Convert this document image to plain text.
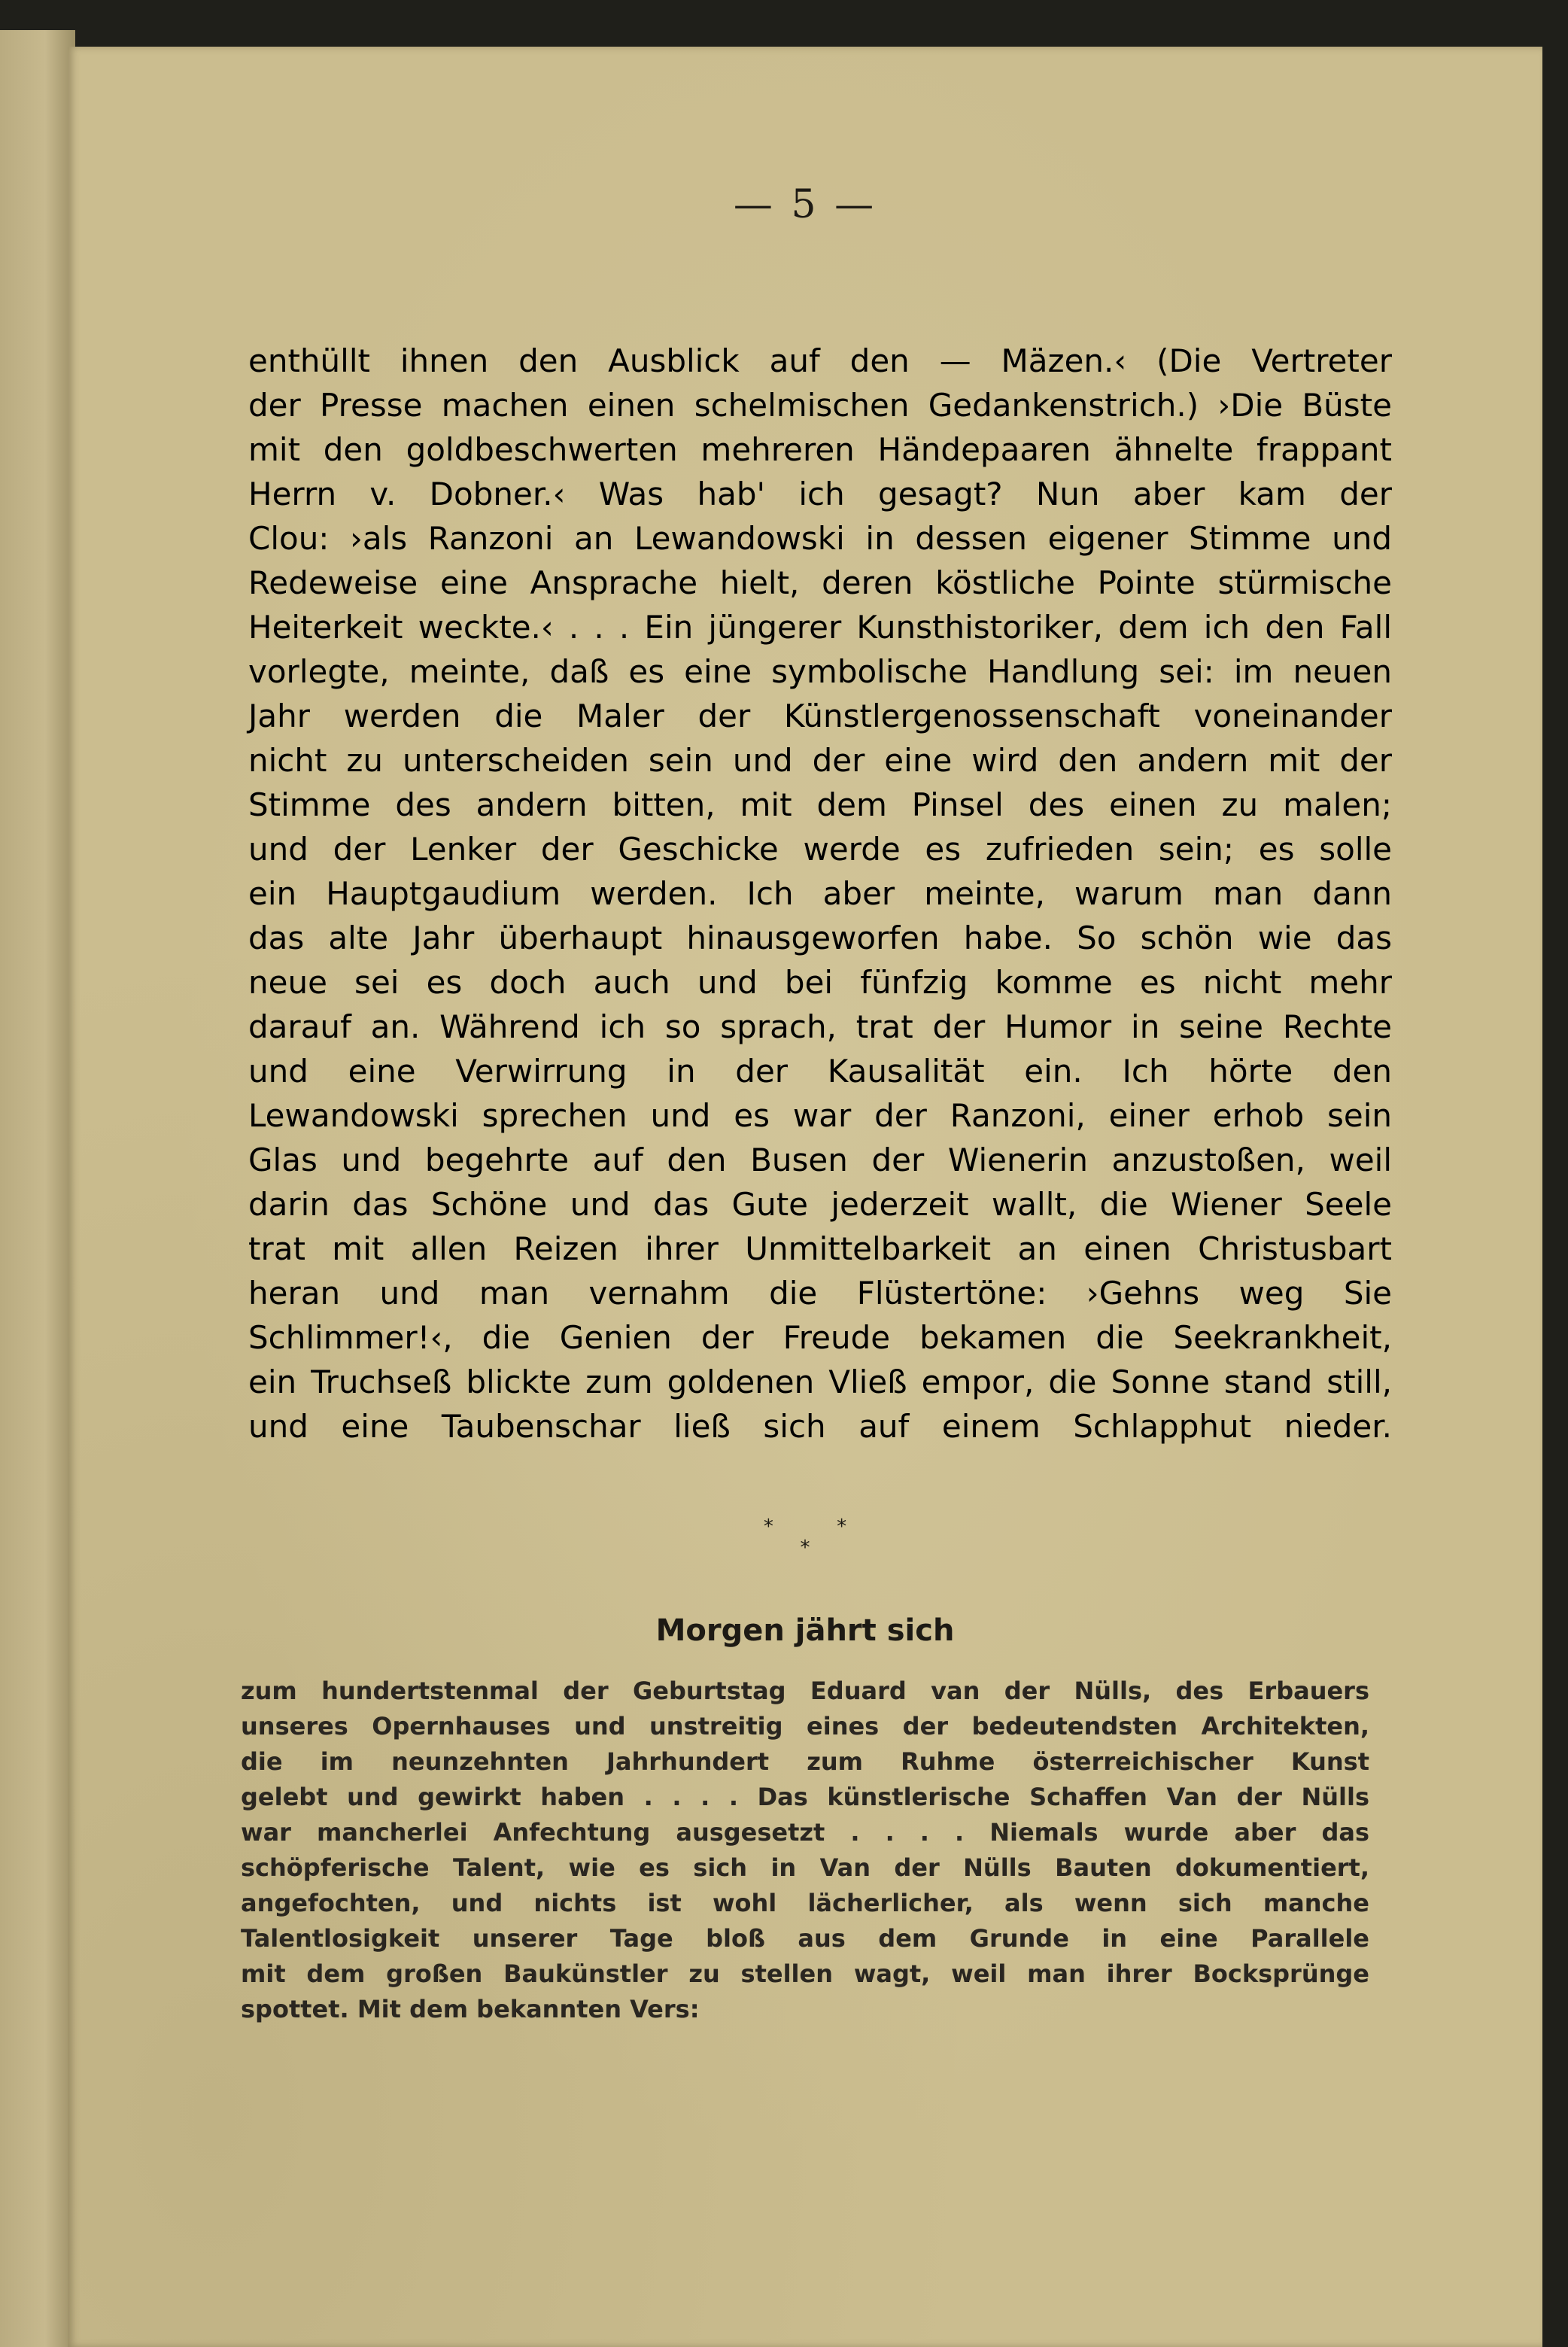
— 5 —
enthüllt ihnen den Ausblick auf den — Mäzen.‹ (Die Vertreter
der Presse machen einen schelmischen Gedankenstrich.) ›Die Büste
mit den goldbeschwerten mehreren Händepaaren ähnelte frappant
Herrn v. Dobner.‹ Was hab' ich gesagt? Nun aber kam der
Clou: ›als Ranzoni an Lewandowski in dessen eigener Stimme und
Redeweise eine Ansprache hielt, deren köstliche Pointe stürmische
Heiterkeit weckte.‹ . . . Ein jüngerer Kunsthistoriker, dem ich den Fall
vorlegte, meinte, daß es eine symbolische Handlung sei: im neuen
Jahr werden die Maler der Künstlergenossenschaft voneinander
nicht zu unterscheiden sein und der eine wird den andern mit der
Stimme des andern bitten, mit dem Pinsel des einen zu malen;
und der Lenker der Geschicke werde es zufrieden sein; es solle
ein Hauptgaudium werden. Ich aber meinte, warum man dann
das alte Jahr überhaupt hinausgeworfen habe. So schön wie das
neue sei es doch auch und bei fünfzig komme es nicht mehr
darauf an. Während ich so sprach, trat der Humor in seine Rechte
und eine Verwirrung in der Kausalität ein. Ich hörte den
Lewandowski sprechen und es war der Ranzoni, einer erhob sein
Glas und begehrte auf den Busen der Wienerin anzustoßen, weil
darin das Schöne und das Gute jederzeit wallt, die Wiener Seele
trat mit allen Reizen ihrer Unmittelbarkeit an einen Christusbart
heran und man vernahm die Flüstertöne: ›Gehns weg Sie
Schlimmer!‹, die Genien der Freude bekamen die Seekrankheit,
ein Truchseß blickte zum goldenen Vließ empor, die Sonne stand still,
und eine Taubenschar ließ sich auf einem Schlapphut nieder.
*	*
*
Morgen jährt sich
zum hundertstenmal der Geburtstag Eduard van der Nülls, des Erbauers
unseres Opernhauses und unstreitig eines der bedeutendsten Architekten,
die im neunzehnten Jahrhundert zum Ruhme österreichischer Kunst
gelebt und gewirkt haben . . . . Das künstlerische Schaffen Van der Nülls
war mancherlei Anfechtung ausgesetzt . . . . Niemals wurde aber das
schöpferische Talent, wie es sich in Van der Nülls Bauten dokumentiert,
angefochten, und nichts ist wohl lächerlicher, als wenn sich manche
Talentlosigkeit unserer Tage bloß aus dem Grunde in eine Parallele
mit dem großen Baukünstler zu stellen wagt, weil man ihrer Bocksprünge
spottet. Mit dem bekannten Vers:
